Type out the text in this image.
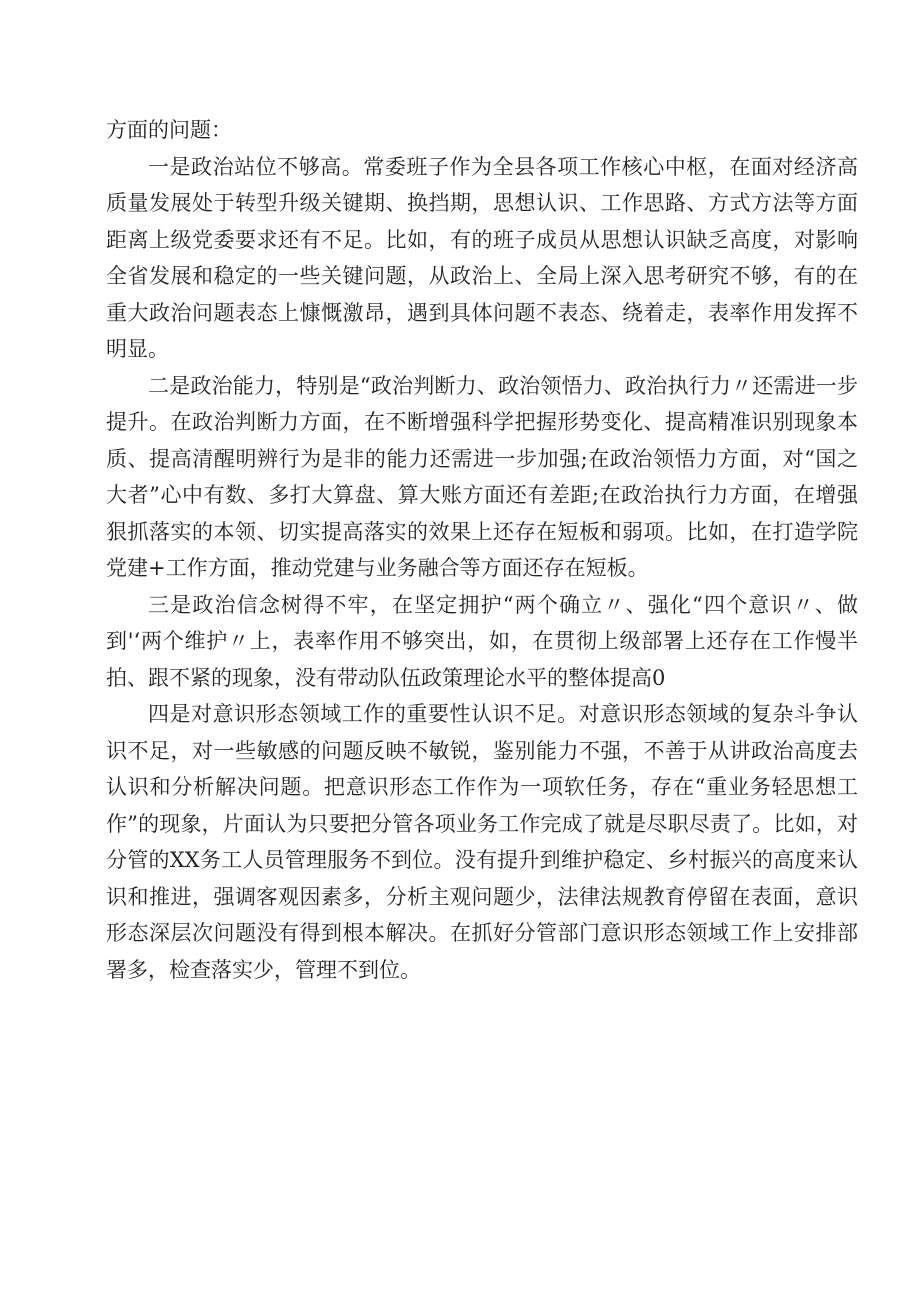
方面的问题：

一是政治站位不够高。常委班子作为全县各项工作核心中枢，在面对经济高质量发展处于转型升级关键期、换挡期，思想认识、工作思路、方式方法等方面距离上级党委要求还有不足。比如，有的班子成员从思想认识缺乏高度，对影响全省发展和稳定的一些关键问题，从政治上、全局上深入思考研究不够，有的在重大政治问题表态上慷慨激昂，遇到具体问题不表态、绕着走，表率作用发挥不明显。

二是政治能力，特别是“政治判断力、政治领悟力、政治执行力〃还需进一步提升。在政治判断力方面，在不断增强科学把握形势变化、提高精准识别现象本质、提高清醒明辨行为是非的能力还需进一步加强;在政治领悟力方面，对“国之大者”心中有数、多打大算盘、算大账方面还有差距;在政治执行力方面，在增强狠抓落实的本领、切实提高落实的效果上还存在短板和弱项。比如，在打造学院党建+工作方面，推动党建与业务融合等方面还存在短板。

三是政治信念树得不牢，在坚定拥护“两个确立〃、强化“四个意识〃、做到'‘两个维护〃上，表率作用不够突出，如，在贯彻上级部署上还存在工作慢半拍、跟不紧的现象，没有带动队伍政策理论水平的整体提高0

四是对意识形态领域工作的重要性认识不足。对意识形态领域的复杂斗争认识不足，对一些敏感的问题反映不敏锐，鉴别能力不强，不善于从讲政治高度去认识和分析解决问题。把意识形态工作作为一项软任务，存在“重业务轻思想工作”的现象，片面认为只要把分管各项业务工作完成了就是尽职尽责了。比如，对分管的XX务工人员管理服务不到位。没有提升到维护稳定、乡村振兴的高度来认识和推进，强调客观因素多，分析主观问题少，法律法规教育停留在表面，意识形态深层次问题没有得到根本解决。在抓好分管部门意识形态领域工作上安排部署多，检查落实少，管理不到位。
